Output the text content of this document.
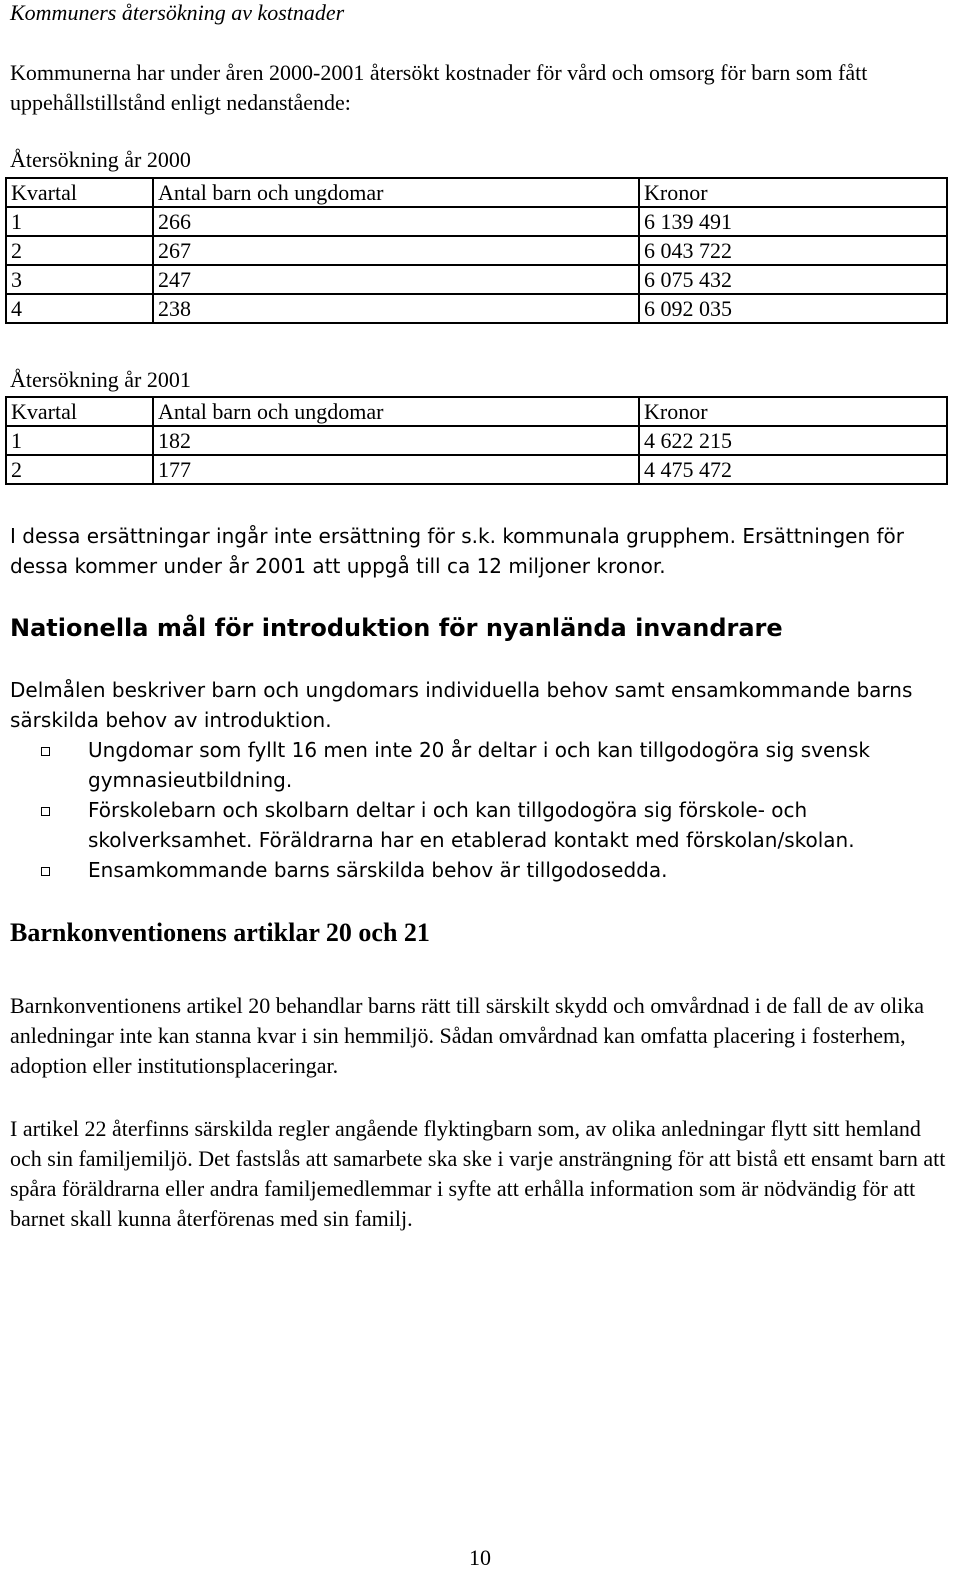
Kommuners återsökning av kostnader
Kommunerna har under åren 2000-2001 återsökt kostnader för vård och omsorg för barn som fått uppehållstillstånd enligt nedanstående:
Återsökning år 2000
Kvartal	Antal barn och ungdomar	Kronor
1	266	6 139 491
2	267	6 043 722
3	247	6 075 432
4	238	6 092 035
Återsökning år 2001
Kvartal	Antal barn och ungdomar	Kronor
1	182	4 622 215
2	177	4 475 472
I dessa ersättningar ingår inte ersättning för s.k. kommunala grupphem. Ersättningen för dessa kommer under år 2001 att uppgå till ca 12 miljoner kronor.
Nationella mål för introduktion för nyanlända invandrare
Delmålen beskriver barn och ungdomars individuella behov samt ensamkommande barns särskilda behov av introduktion.
Ungdomar som fyllt 16 men inte 20 år deltar i och kan tillgodogöra sig svensk gymnasieutbildning.
Förskolebarn och skolbarn deltar i och kan tillgodogöra sig förskole- och skolverksamhet. Föräldrarna har en etablerad kontakt med förskolan/skolan.
Ensamkommande barns särskilda behov är tillgodosedda.
Barnkonventionens artiklar 20 och 21
Barnkonventionens artikel 20 behandlar barns rätt till särskilt skydd och omvårdnad i de fall de av olika anledningar inte kan stanna kvar i sin hemmiljö. Sådan omvårdnad kan omfatta placering i fosterhem, adoption eller institutionsplaceringar.
I artikel 22 återfinns särskilda regler angående flyktingbarn som, av olika anledningar flytt sitt hemland och sin familjemiljö. Det fastslås att samarbete ska ske i varje ansträngning för att bistå ett ensamt barn att spåra föräldrarna eller andra familjemedlemmar i syfte att erhålla information som är nödvändig för att barnet skall kunna återförenas med sin familj.
10
